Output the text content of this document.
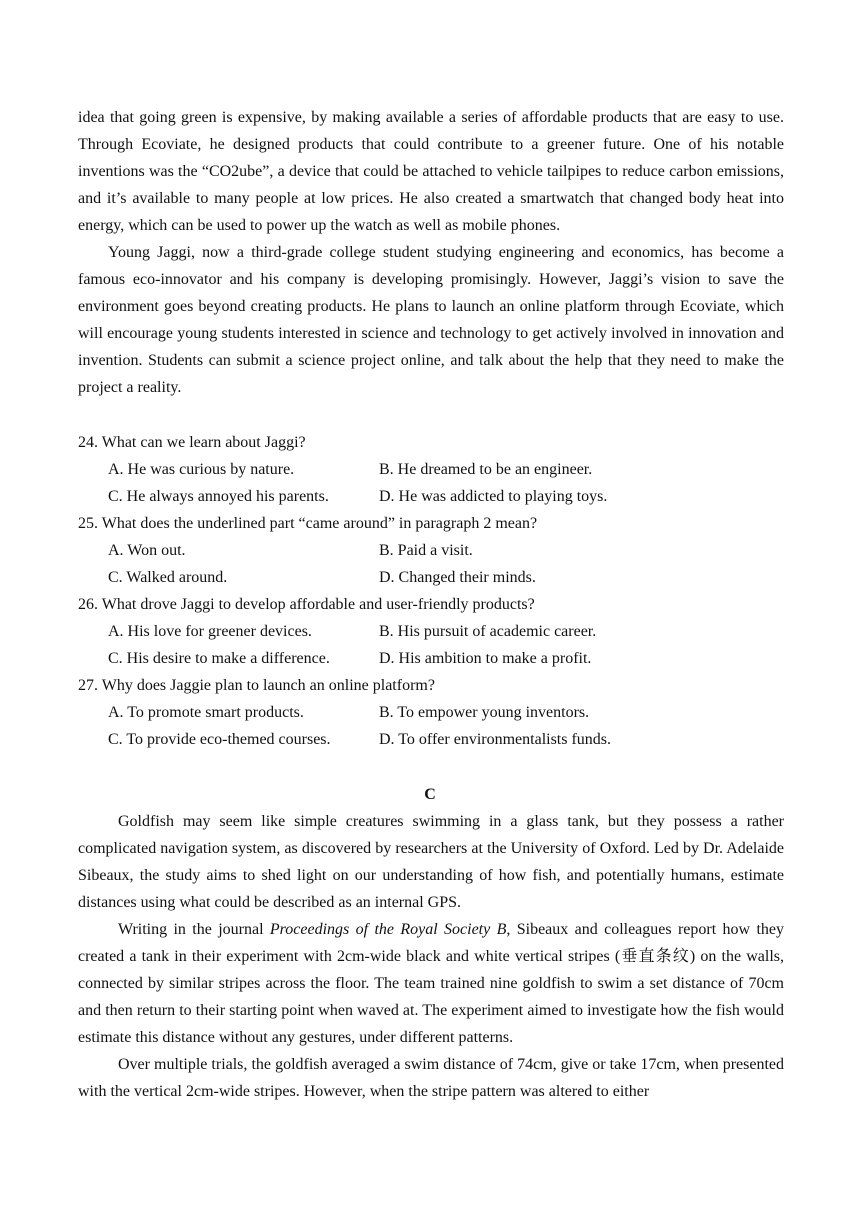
idea that going green is expensive, by making available a series of affordable products that are easy to use. Through Ecoviate, he designed products that could contribute to a greener future. One of his notable inventions was the “CO2ube”, a device that could be attached to vehicle tailpipes to reduce carbon emissions, and it’s available to many people at low prices. He also created a smartwatch that changed body heat into energy, which can be used to power up the watch as well as mobile phones.

Young Jaggi, now a third-grade college student studying engineering and economics, has become a famous eco-innovator and his company is developing promisingly. However, Jaggi’s vision to save the environment goes beyond creating products. He plans to launch an online platform through Ecoviate, which will encourage young students interested in science and technology to get actively involved in innovation and invention. Students can submit a science project online, and talk about the help that they need to make the project a reality.

24. What can we learn about Jaggi?
A. He was curious by nature.	B. He dreamed to be an engineer.
C. He always annoyed his parents.	D. He was addicted to playing toys.
25. What does the underlined part “came around” in paragraph 2 mean?
A. Won out.	B. Paid a visit.
C. Walked around.	D. Changed their minds.
26. What drove Jaggi to develop affordable and user-friendly products?
A. His love for greener devices.	B. His pursuit of academic career.
C. His desire to make a difference.	D. His ambition to make a profit.
27. Why does Jaggie plan to launch an online platform?
A. To promote smart products.	B. To empower young inventors.
C. To provide eco-themed courses.	D. To offer environmentalists funds.
C

Goldfish may seem like simple creatures swimming in a glass tank, but they possess a rather complicated navigation system, as discovered by researchers at the University of Oxford. Led by Dr. Adelaide Sibeaux, the study aims to shed light on our understanding of how fish, and potentially humans, estimate distances using what could be described as an internal GPS.

Writing in the journal Proceedings of the Royal Society B, Sibeaux and colleagues report how they created a tank in their experiment with 2cm-wide black and white vertical stripes (垂直条纹) on the walls, connected by similar stripes across the floor. The team trained nine goldfish to swim a set distance of 70cm and then return to their starting point when waved at. The experiment aimed to investigate how the fish would estimate this distance without any gestures, under different patterns.

Over multiple trials, the goldfish averaged a swim distance of 74cm, give or take 17cm, when presented with the vertical 2cm-wide stripes. However, when the stripe pattern was altered to either
